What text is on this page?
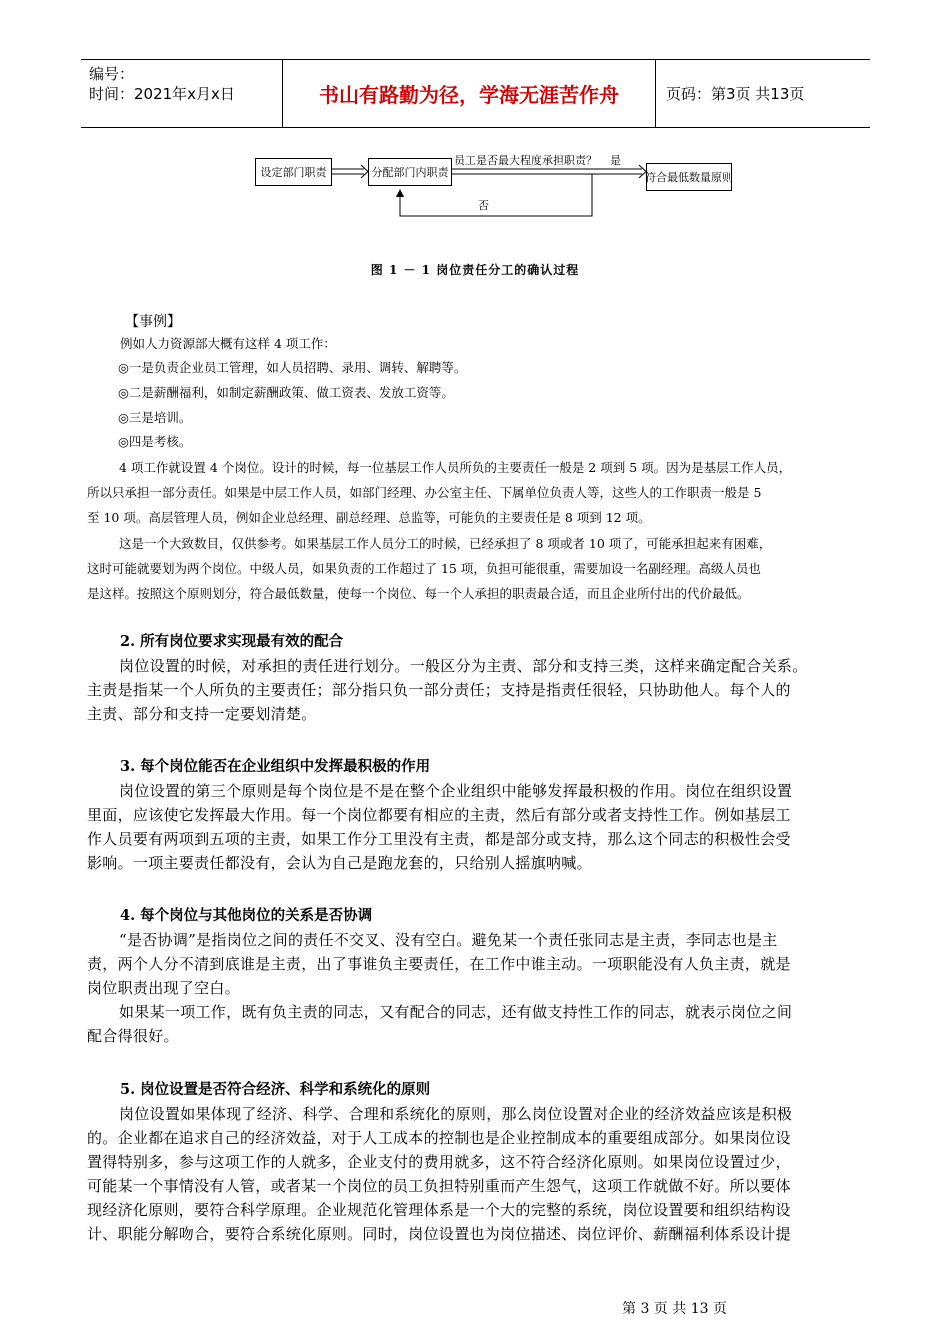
编号：
时间：2021年x月x日	书山有路勤为径，学海无涯苦作舟	页码：第3页 共13页
设定部门职责	分配部门内职责
员工是否最大程度承担职责？ 是
符合最低数量原则
否
图 1 － 1 岗位责任分工的确认过程
【事例】
例如人力资源部大概有这样 4 项工作：
◎一是负责企业员工管理，如人员招聘、录用、调转、解聘等。
◎二是薪酬福利，如制定薪酬政策、做工资表、发放工资等。
◎三是培训。
◎四是考核。
4 项工作就设置 4 个岗位。设计的时候，每一位基层工作人员所负的主要责任一般是 2 项到 5 项。因为是基层工作人员，
所以只承担一部分责任。如果是中层工作人员，如部门经理、办公室主任、下属单位负责人等，这些人的工作职责一般是 5
至 10 项。高层管理人员，例如企业总经理、副总经理、总监等，可能负的主要责任是 8 项到 12 项。
这是一个大致数目，仅供参考。如果基层工作人员分工的时候，已经承担了 8 项或者 10 项了，可能承担起来有困难，
这时可能就要划为两个岗位。中级人员，如果负责的工作超过了 15 项，负担可能很重，需要加设一名副经理。高级人员也
是这样。按照这个原则划分，符合最低数量，使每一个岗位、每一个人承担的职责最合适，而且企业所付出的代价最低。
2. 所有岗位要求实现最有效的配合
岗位设置的时候，对承担的责任进行划分。一般区分为主责、部分和支持三类，这样来确定配合关系。
主责是指某一个人所负的主要责任；部分指只负一部分责任；支持是指责任很轻，只协助他人。每个人的
主责、部分和支持一定要划清楚。
3. 每个岗位能否在企业组织中发挥最积极的作用
岗位设置的第三个原则是每个岗位是不是在整个企业组织中能够发挥最积极的作用。岗位在组织设置
里面，应该使它发挥最大作用。每一个岗位都要有相应的主责，然后有部分或者支持性工作。例如基层工
作人员要有两项到五项的主责，如果工作分工里没有主责，都是部分或支持，那么这个同志的积极性会受
影响。一项主要责任都没有，会认为自己是跑龙套的，只给别人摇旗呐喊。
4. 每个岗位与其他岗位的关系是否协调
“是否协调”是指岗位之间的责任不交叉、没有空白。避免某一个责任张同志是主责，李同志也是主
责，两个人分不清到底谁是主责，出了事谁负主要责任，在工作中谁主动。一项职能没有人负主责，就是
岗位职责出现了空白。
如果某一项工作，既有负主责的同志，又有配合的同志，还有做支持性工作的同志，就表示岗位之间
配合得很好。
5. 岗位设置是否符合经济、科学和系统化的原则
岗位设置如果体现了经济、科学、合理和系统化的原则，那么岗位设置对企业的经济效益应该是积极
的。企业都在追求自己的经济效益，对于人工成本的控制也是企业控制成本的重要组成部分。如果岗位设
置得特别多，参与这项工作的人就多，企业支付的费用就多，这不符合经济化原则。如果岗位设置过少，
可能某一个事情没有人管，或者某一个岗位的员工负担特别重而产生怨气，这项工作就做不好。所以要体
现经济化原则，要符合科学原理。企业规范化管理体系是一个大的完整的系统，岗位设置要和组织结构设
计、职能分解吻合，要符合系统化原则。同时，岗位设置也为岗位描述、岗位评价、薪酬福利体系设计提
第 3 页 共 13 页
